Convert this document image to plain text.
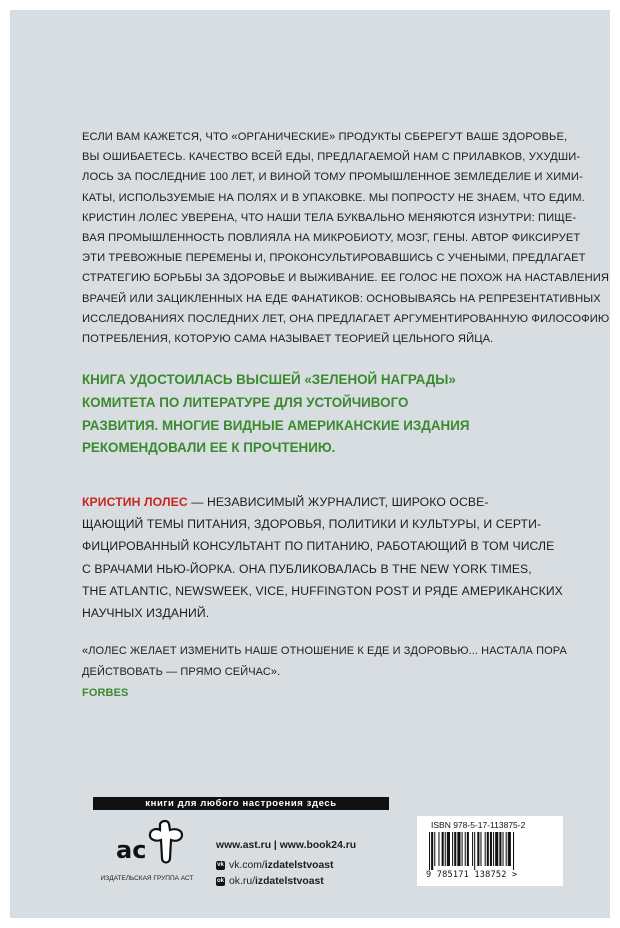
ЕСЛИ ВАМ КАЖЕТСЯ, ЧТО «ОРГАНИЧЕСКИЕ» ПРОДУКТЫ СБЕРЕГУТ ВАШЕ ЗДОРОВЬЕ,
ВЫ ОШИБАЕТЕСЬ. КАЧЕСТВО ВСЕЙ ЕДЫ, ПРЕДЛАГАЕМОЙ НАМ С ПРИЛАВКОВ, УХУДШИ-
ЛОСЬ ЗА ПОСЛЕДНИЕ 100 ЛЕТ, И ВИНОЙ ТОМУ ПРОМЫШЛЕННОЕ ЗЕМЛЕДЕЛИЕ И ХИМИ-
КАТЫ, ИСПОЛЬЗУЕМЫЕ НА ПОЛЯХ И В УПАКОВКЕ. МЫ ПОПРОСТУ НЕ ЗНАЕМ, ЧТО ЕДИМ.
КРИСТИН ЛОЛЕС УВЕРЕНА, ЧТО НАШИ ТЕЛА БУКВАЛЬНО МЕНЯЮТСЯ ИЗНУТРИ: ПИЩЕ-
ВАЯ ПРОМЫШЛЕННОСТЬ ПОВЛИЯЛА НА МИКРОБИОТУ, МОЗГ, ГЕНЫ. АВТОР ФИКСИРУЕТ
ЭТИ ТРЕВОЖНЫЕ ПЕРЕМЕНЫ И, ПРОКОНСУЛЬТИРОВАВШИСЬ С УЧЕНЫМИ, ПРЕДЛАГАЕТ
СТРАТЕГИЮ БОРЬБЫ ЗА ЗДОРОВЬЕ И ВЫЖИВАНИЕ. ЕЕ ГОЛОС НЕ ПОХОЖ НА НАСТАВЛЕНИЯ
ВРАЧЕЙ ИЛИ ЗАЦИКЛЕННЫХ НА ЕДЕ ФАНАТИКОВ: ОСНОВЫВАЯСЬ НА РЕПРЕЗЕНТАТИВНЫХ
ИССЛЕДОВАНИЯХ ПОСЛЕДНИХ ЛЕТ, ОНА ПРЕДЛАГАЕТ АРГУМЕНТИРОВАННУЮ ФИЛОСОФИЮ
ПОТРЕБЛЕНИЯ, КОТОРУЮ САМА НАЗЫВАЕТ ТЕОРИЕЙ ЦЕЛЬНОГО ЯЙЦА.
КНИГА УДОСТОИЛАСЬ ВЫСШЕЙ «ЗЕЛЕНОЙ НАГРАДЫ»
КОМИТЕТА ПО ЛИТЕРАТУРЕ ДЛЯ УСТОЙЧИВОГО
РАЗВИТИЯ. МНОГИЕ ВИДНЫЕ АМЕРИКАНСКИЕ ИЗДАНИЯ
РЕКОМЕНДОВАЛИ ЕЕ К ПРОЧТЕНИЮ.
КРИСТИН ЛОЛЕС — НЕЗАВИСИМЫЙ ЖУРНАЛИСТ, ШИРОКО ОСВЕ-
ЩАЮЩИЙ ТЕМЫ ПИТАНИЯ, ЗДОРОВЬЯ, ПОЛИТИКИ И КУЛЬТУРЫ, И СЕРТИ-
ФИЦИРОВАННЫЙ КОНСУЛЬТАНТ ПО ПИТАНИЮ, РАБОТАЮЩИЙ В ТОМ ЧИСЛЕ
С ВРАЧАМИ НЬЮ-ЙОРКА. ОНА ПУБЛИКОВАЛАСЬ В THE NEW YORK TIMES,
THE ATLANTIC, NEWSWEEK, VICE, HUFFINGTON POST И РЯДЕ АМЕРИКАНСКИХ
НАУЧНЫХ ИЗДАНИЙ.
«ЛОЛЕС ЖЕЛАЕТ ИЗМЕНИТЬ НАШЕ ОТНОШЕНИЕ К ЕДЕ И ЗДОРОВЬЮ... НАСТАЛА ПОРА
ДЕЙСТВОВАТЬ — ПРЯМО СЕЙЧАС».
FORBES
книги для любого настроения здесь
ас
ИЗДАТЕЛЬСКАЯ ГРУППА АСТ
www.ast.ru | www.book24.ru
vk vk.com/ izdatelstvoast
ok ok.ru/ izdatelstvoast
ISBN 978-5-17-113875-2
9 785171 138752 >
